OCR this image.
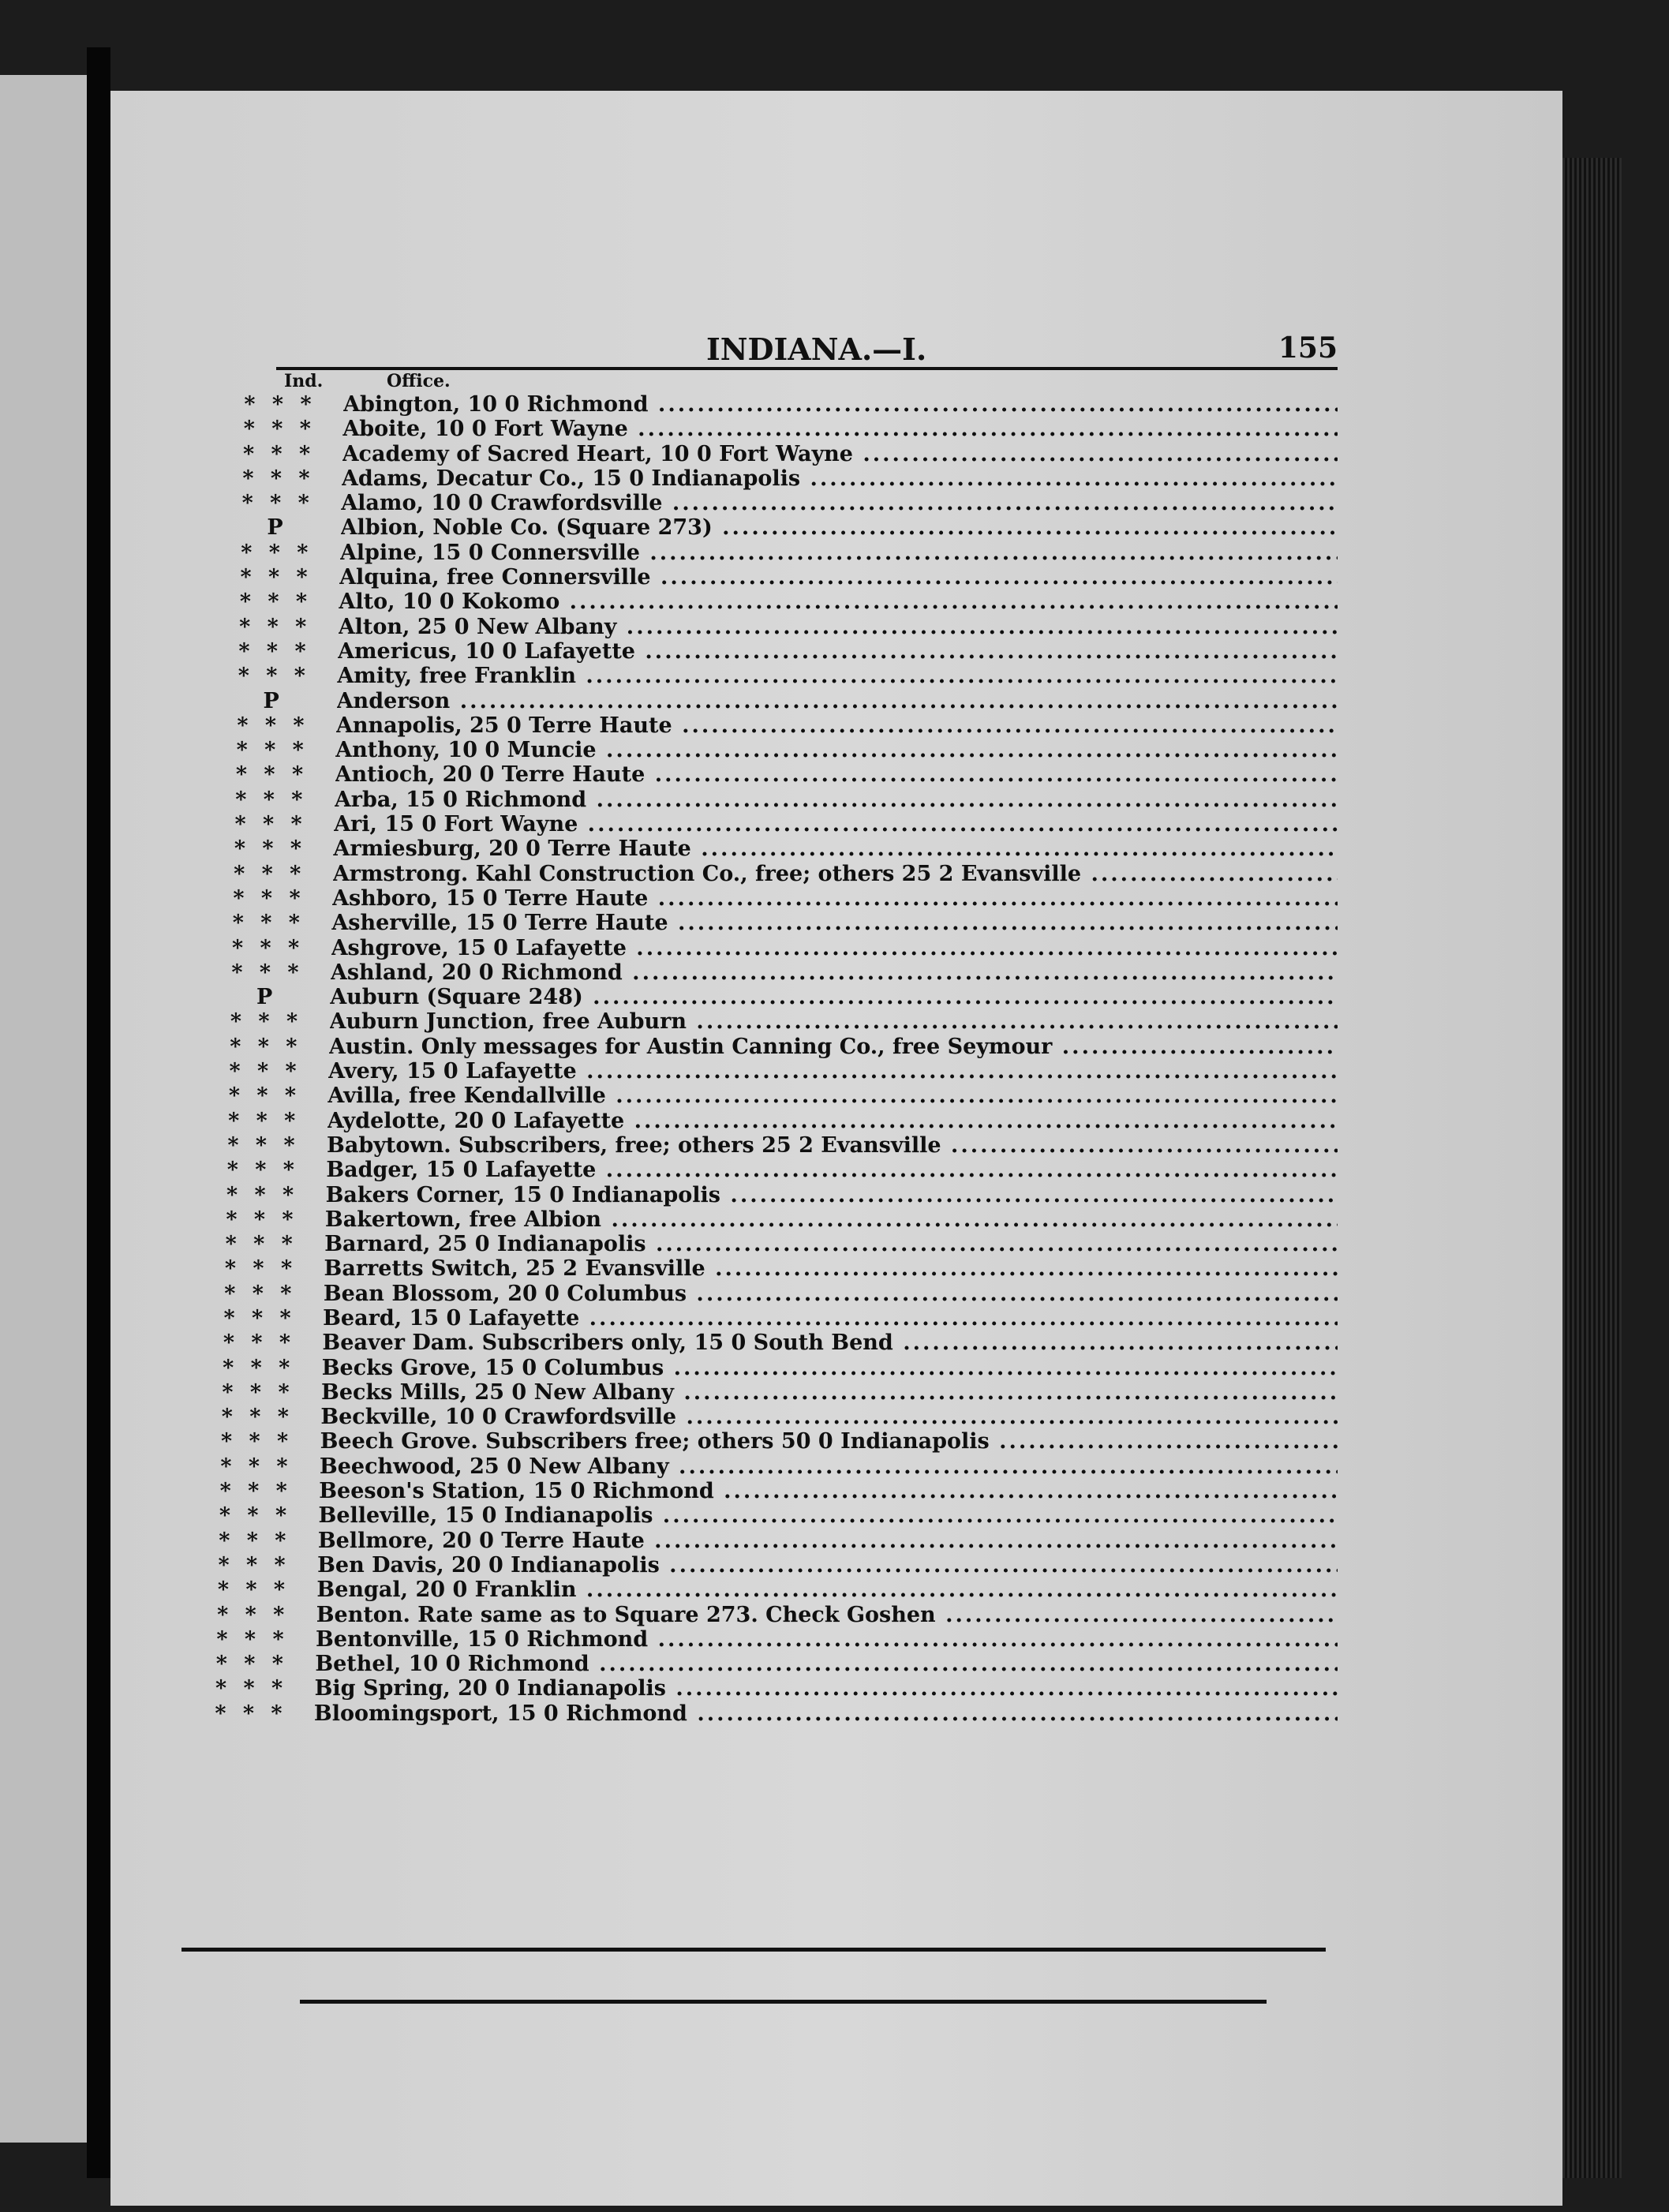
INDIANA.—I.	155
Ind.	Office.
* * *	Abington, 10 0 Richmond .....
* * *	Aboite, 10 0 Fort Wayne .....
* * *	Academy of Sacred Heart, 10 0 Fort Wayne .....
* * *	Adams, Decatur Co., 15 0 Indianapolis .....
* * *	Alamo, 10 0 Crawfordsville .....
P	Albion, Noble Co. (Square 273) .....
* * *	Alpine, 15 0 Connersville .....
* * *	Alquina, free Connersville .....
* * *	Alto, 10 0 Kokomo .....
* * *	Alton, 25 0 New Albany .....
* * *	Americus, 10 0 Lafayette .....
* * *	Amity, free Franklin .....
P	Anderson .....
* * *	Annapolis, 25 0 Terre Haute .....
* * *	Anthony, 10 0 Muncie .....
* * *	Antioch, 20 0 Terre Haute .....
* * *	Arba, 15 0 Richmond .....
* * *	Ari, 15 0 Fort Wayne .....
* * *	Armiesburg, 20 0 Terre Haute .....
* * *	Armstrong. Kahl Construction Co., free; others 25 2 Evansville .....
* * *	Ashboro, 15 0 Terre Haute .....
* * *	Asherville, 15 0 Terre Haute .....
* * *	Ashgrove, 15 0 Lafayette .....
* * *	Ashland, 20 0 Richmond .....
P	Auburn (Square 248) .....
* * *	Auburn Junction, free Auburn .....
* * *	Austin. Only messages for Austin Canning Co., free Seymour .....
* * *	Avery, 15 0 Lafayette .....
* * *	Avilla, free Kendallville .....
* * *	Aydelotte, 20 0 Lafayette .....
* * *	Babytown. Subscribers, free; others 25 2 Evansville .....
* * *	Badger, 15 0 Lafayette .....
* * *	Bakers Corner, 15 0 Indianapolis .....
* * *	Bakertown, free Albion .....
* * *	Barnard, 25 0 Indianapolis .....
* * *	Barretts Switch, 25 2 Evansville .....
* * *	Bean Blossom, 20 0 Columbus .....
* * *	Beard, 15 0 Lafayette .....
* * *	Beaver Dam. Subscribers only, 15 0 South Bend .....
* * *	Becks Grove, 15 0 Columbus .....
* * *	Becks Mills, 25 0 New Albany .....
* * *	Beckville, 10 0 Crawfordsville .....
* * *	Beech Grove. Subscribers free; others 50 0 Indianapolis .....
* * *	Beechwood, 25 0 New Albany .....
* * *	Beeson's Station, 15 0 Richmond .....
* * *	Belleville, 15 0 Indianapolis .....
* * *	Bellmore, 20 0 Terre Haute .....
* * *	Ben Davis, 20 0 Indianapolis .....
* * *	Bengal, 20 0 Franklin .....
* * *	Benton. Rate same as to Square 273. Check Goshen .....
* * *	Bentonville, 15 0 Richmond .....
* * *	Bethel, 10 0 Richmond .....
* * *	Big Spring, 20 0 Indianapolis .....
* * *	Bloomingsport, 15 0 Richmond .....
